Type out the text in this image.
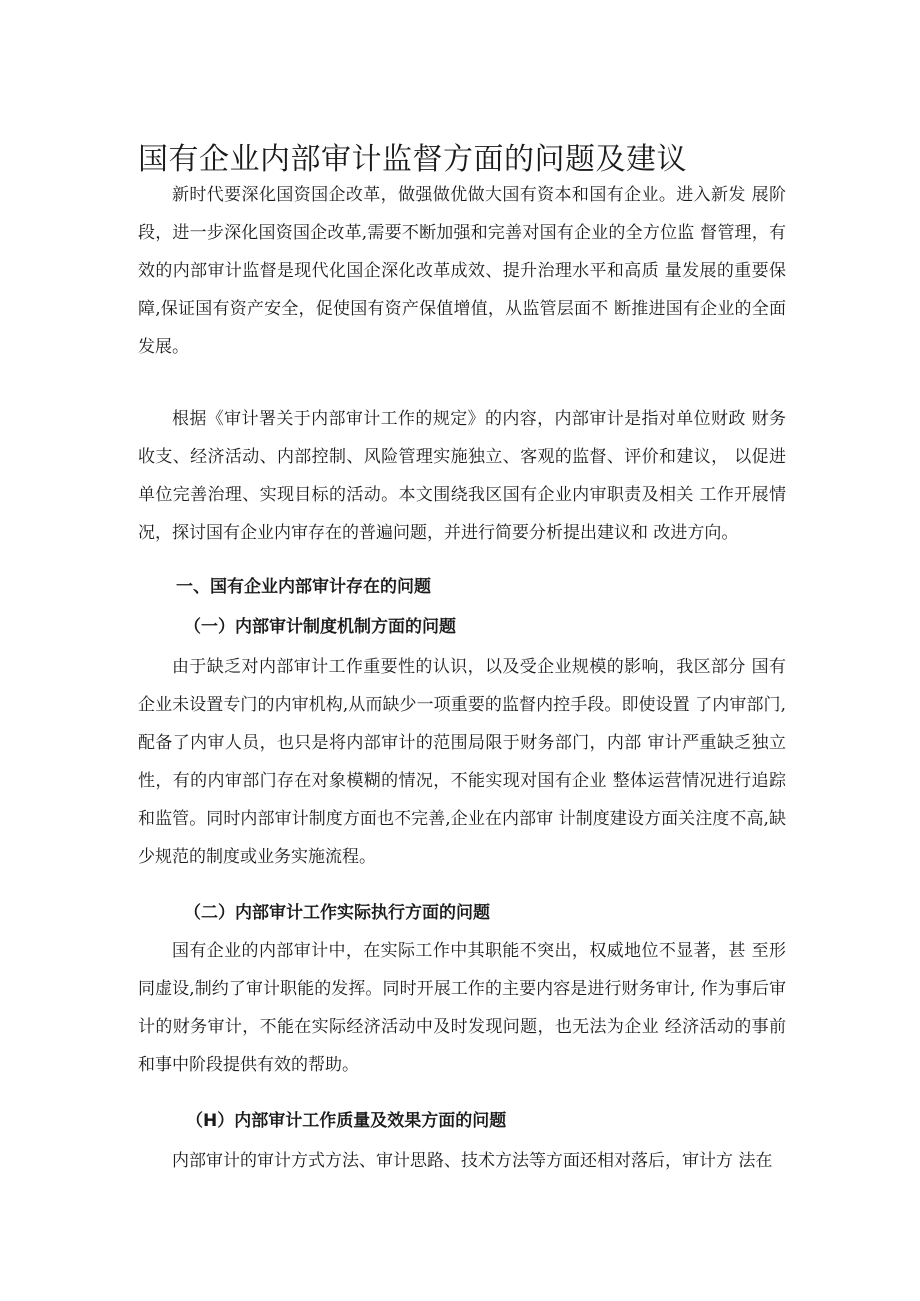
国有企业内部审计监督方面的问题及建议

新时代要深化国资国企改革，做强做优做大国有资本和国有企业。进入新发 展阶段，进一步深化国资国企改革,需要不断加强和完善对国有企业的全方位监 督管理，有效的内部审计监督是现代化国企深化改革成效、提升治理水平和高质 量发展的重要保障,保证国有资产安全，促使国有资产保值增值，从监管层面不 断推进国有企业的全面发展。

根据《审计署关于内部审计工作的规定》的内容，内部审计是指对单位财政 财务收支、经济活动、内部控制、风险管理实施独立、客观的监督、评价和建议， 以促进单位完善治理、实现目标的活动。本文围绕我区国有企业内审职责及相关 工作开展情况，探讨国有企业内审存在的普遍问题，并进行简要分析提出建议和 改进方向。

一、国有企业内部审计存在的问题
（一）内部审计制度机制方面的问题

由于缺乏对内部审计工作重要性的认识，以及受企业规模的影响，我区部分 国有企业未设置专门的内审机构,从而缺少一项重要的监督内控手段。即使设置 了内审部门,配备了内审人员，也只是将内部审计的范围局限于财务部门，内部 审计严重缺乏独立性，有的内审部门存在对象模糊的情况，不能实现对国有企业 整体运营情况进行追踪和监管。同时内部审计制度方面也不完善,企业在内部审 计制度建设方面关注度不高,缺少规范的制度或业务实施流程。

（二）内部审计工作实际执行方面的问题

国有企业的内部审计中，在实际工作中其职能不突出，权威地位不显著，甚 至形同虚设,制约了审计职能的发挥。同时开展工作的主要内容是进行财务审计, 作为事后审计的财务审计，不能在实际经济活动中及时发现问题，也无法为企业 经济活动的事前和事中阶段提供有效的帮助。

（H）内部审计工作质量及效果方面的问题

内部审计的审计方式方法、审计思路、技术方法等方面还相对落后，审计方 法在
